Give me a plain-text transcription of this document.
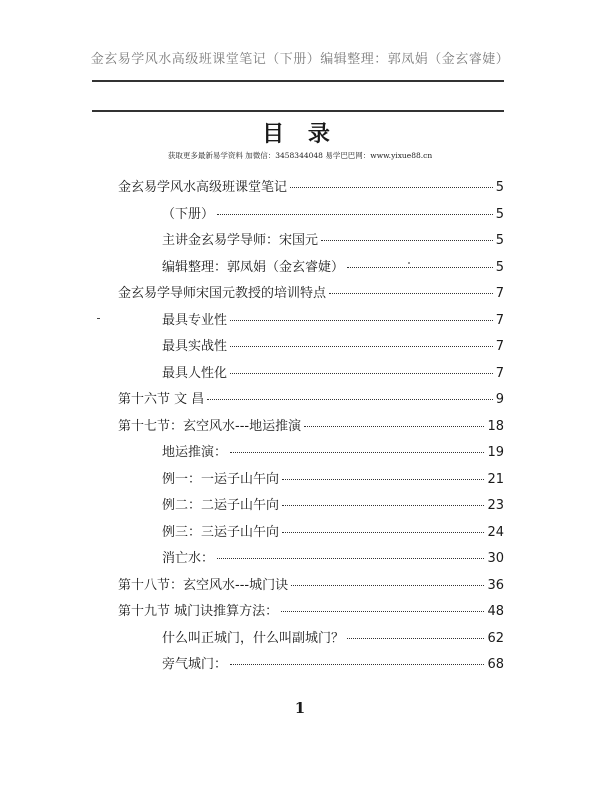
金玄易学风水高级班课堂笔记（下册）编辑整理：郭凤娟（金玄睿婕）
目 录
获取更多最新易学资料 加微信：3458344048 易学巴巴网：www.yixue88.cn
金玄易学风水高级班课堂笔记	5
（下册）	5
主讲金玄易学导师：宋国元	5
编辑整理：郭凤娟（金玄睿婕）	5
金玄易学导师宋国元教授的培训特点	7
最具专业性	7
最具实战性	7
最具人性化	7
第十六节 文 昌	9
第十七节：玄空风水---地运推演	18
地运推演：	19
例一：一运子山午向	21
例二：二运子山午向	23
例三：三运子山午向	24
消亡水：	30
第十八节：玄空风水---城门诀	36
第十九节 城门诀推算方法：	48
什么叫正城门，什么叫副城门？	62
旁气城门：	68
1
